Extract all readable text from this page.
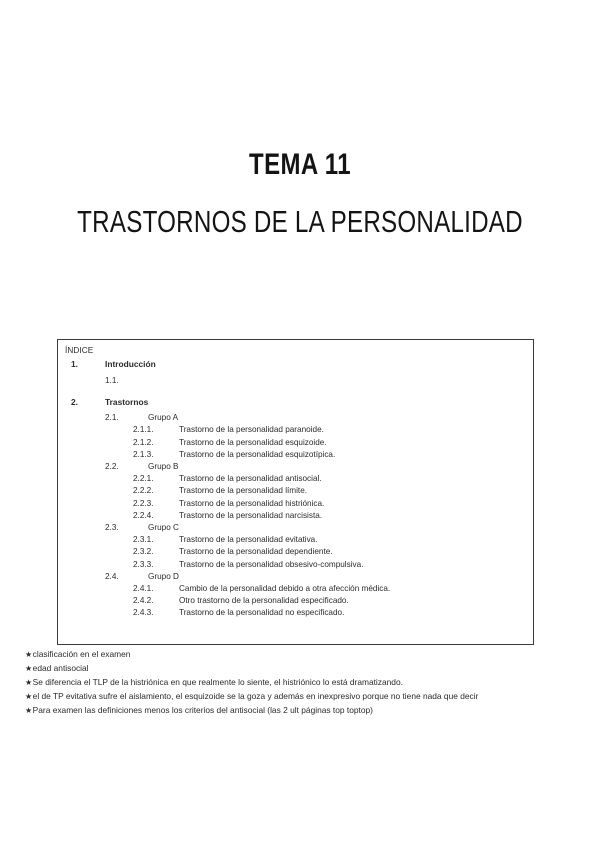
TEMA 11
TRASTORNOS DE LA PERSONALIDAD
ÍNDICE
1.	Introducción
1.1.
2.	Trastornos
2.1.	Grupo A
2.1.1.	Trastorno de la personalidad paranoide.
2.1.2.	Trastorno de la personalidad esquizoide.
2.1.3.	Trastorno de la personalidad esquizotípica.
2.2.	Grupo B
2.2.1.	Trastorno de la personalidad antisocial.
2.2.2.	Trastorno de la personalidad límite.
2.2.3.	Trastorno de la personalidad histriónica.
2.2.4.	Trastorno de la personalidad narcisista.
2.3.	Grupo C
2.3.1.	Trastorno de la personalidad evitativa.
2.3.2.	Trastorno de la personalidad dependiente.
2.3.3.	Trastorno de la personalidad obsesivo-compulsiva.
2.4.	Grupo D
2.4.1.	Cambio de la personalidad debido a otra afección médica.
2.4.2.	Otro trastorno de la personalidad especificado.
2.4.3.	Trastorno de la personalidad no especificado.
★clasificación en el examen
★edad antisocial
★Se diferencia el TLP de la histriónica en que realmente lo siente, el histriónico lo está dramatizando.
★el de TP evitativa sufre el aislamiento, el esquizoide se la goza y además en inexpresivo porque no tiene nada que decir
★Para examen las definiciones menos los criterios del antisocial (las 2 ult páginas top toptop)
